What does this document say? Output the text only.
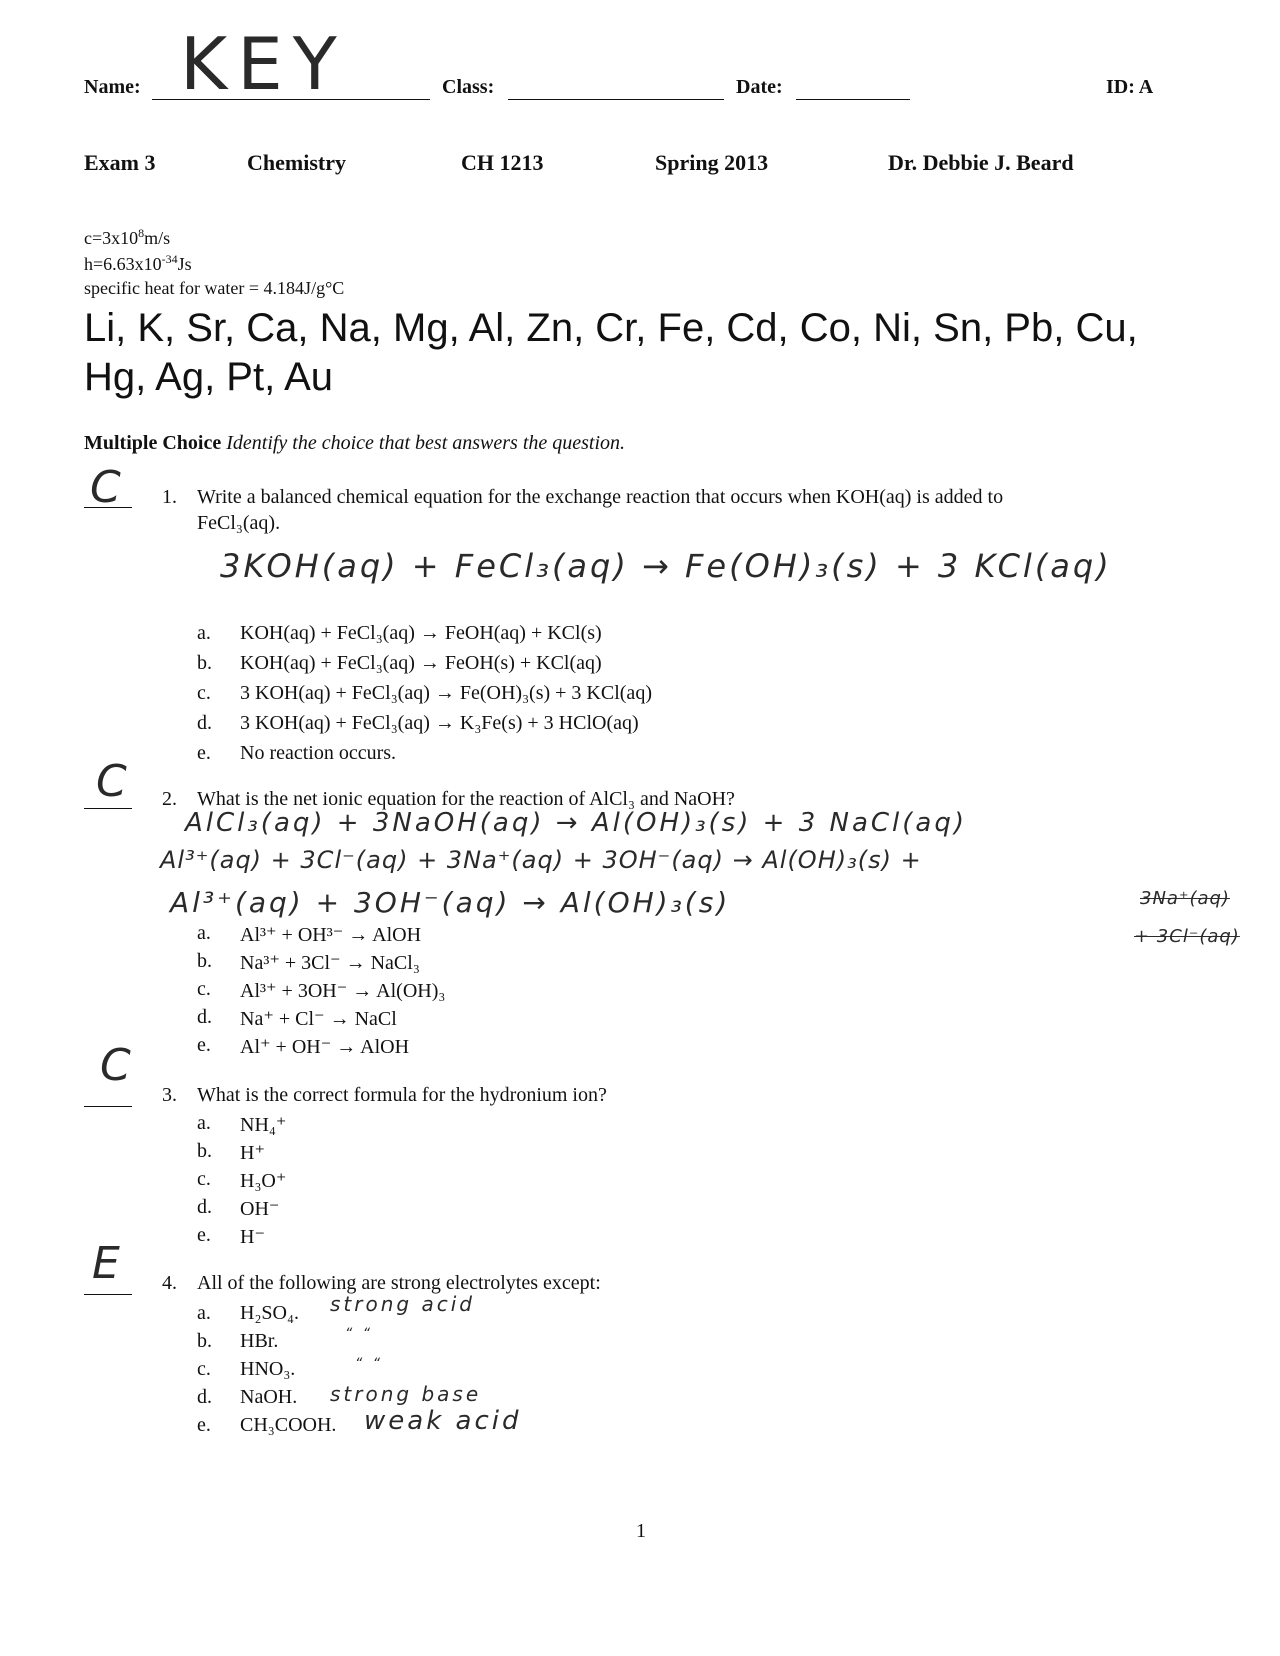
Name: KEY	Class:	Date:	ID: A
Exam 3	Chemistry	CH 1213	Spring 2013	Dr. Debbie J. Beard
$c=3x10^8m/s$
$h=6.63x10^{-34}Js$
specific heat for water = 4.184J/g°C
Li, K, Sr, Ca, Na, Mg, Al, Zn, Cr, Fe, Cd, Co, Ni, Sn, Pb, Cu,
Hg, Ag, Pt, Au
Multiple Choice Identify the choice that best answers the question.
C 1. Write a balanced chemical equation for the exchange reaction that occurs when KOH(aq) is added to
FeCl₃(aq).
3KOH(aq) + FeCl₃(aq) → Fe(OH)₃(s) + 3 KCl(aq)
a. KOH(aq) + FeCl₃(aq) → FeOH(aq) + KCl(s)
b. KOH(aq) + FeCl₃(aq) → FeOH(s) + KCl(aq)
c. 3 KOH(aq) + FeCl₃(aq) → Fe(OH)₃(s) + 3 KCl(aq)
d. 3 KOH(aq) + FeCl₃(aq) → K₃Fe(s) + 3 HClO(aq)
e. No reaction occurs.
C 2. What is the net ionic equation for the reaction of AlCl₃ and NaOH?
AlCl₃(aq) + 3NaOH(aq) → Al(OH)₃(s) + 3 NaCl(aq)
Al³⁺(aq) + 3Cl⁻(aq) + 3Na⁺(aq) + 3OH⁻(aq) → Al(OH)₃(s) +
Al³⁺(aq) + 3OH⁻(aq) → Al(OH)₃(s)	3Na⁺(aq)
+ 3Cl⁻(aq)
a. Al³⁺ + OH³⁻ → AlOH
b. Na³⁺ + 3Cl⁻ → NaCl₃
c. Al³⁺ + 3OH⁻ → Al(OH)₃
d. Na⁺ + Cl⁻ → NaCl
e. Al⁺ + OH⁻ → AlOH
C
3. What is the correct formula for the hydronium ion?
a. NH₄⁺
b. H⁺
c. H₃O⁺
d. OH⁻
e. H⁻
E 4. All of the following are strong electrolytes except:
a. H₂SO₄. strong acid
b. HBr.	“ “
c. HNO₃.	“ “
d. NaOH. strong base
e. CH₃COOH. weak acid
1
